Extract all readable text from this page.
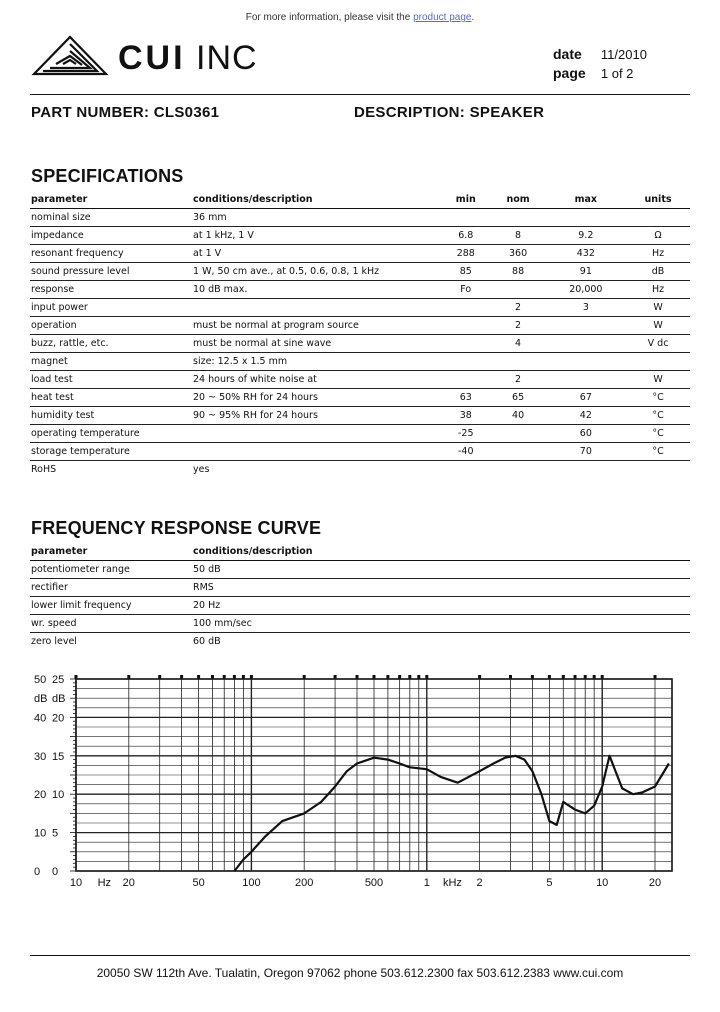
For more information, please visit the product page.
CUI INC	date 11/2010
page 1 of 2
PART NUMBER: CLS0361	DESCRIPTION: SPEAKER
SPECIFICATIONS
parameter	conditions/description	min	nom	max	units
nominal size	36 mm				
impedance	at 1 kHz, 1 V	6.8	8	9.2	Ω
resonant frequency	at 1 V	288	360	432	Hz
sound pressure level	1 W, 50 cm ave., at 0.5, 0.6, 0.8, 1 kHz	85	88	91	dB
response	10 dB max.	Fo		20,000	Hz
input power			2	3	W
operation	must be normal at program source		2		W
buzz, rattle, etc.	must be normal at sine wave		4		V dc
magnet	size: 12.5 x 1.5 mm				
load test	24 hours of white noise at		2		W
heat test	20 ~ 50% RH for 24 hours	63	65	67	°C
humidity test	90 ~ 95% RH for 24 hours	38	40	42	°C
operating temperature		-25		60	°C
storage temperature		-40		70	°C
RoHS	yes				
FREQUENCY RESPONSE CURVE
parameter	conditions/description
potentiometer range	50 dB
rectifier	RMS
lower limit frequency	20 Hz
wr. speed	100 mm/sec
zero level	60 dB
50
dB
40
30
20
10
0
25
dB
20
15
10
5
0
10 Hz 20	50	100	200	500	1 kHz 2	5	10	20
20050 SW 112th Ave. Tualatin, Oregon 97062 phone 503.612.2300 fax 503.612.2383 www.cui.com
